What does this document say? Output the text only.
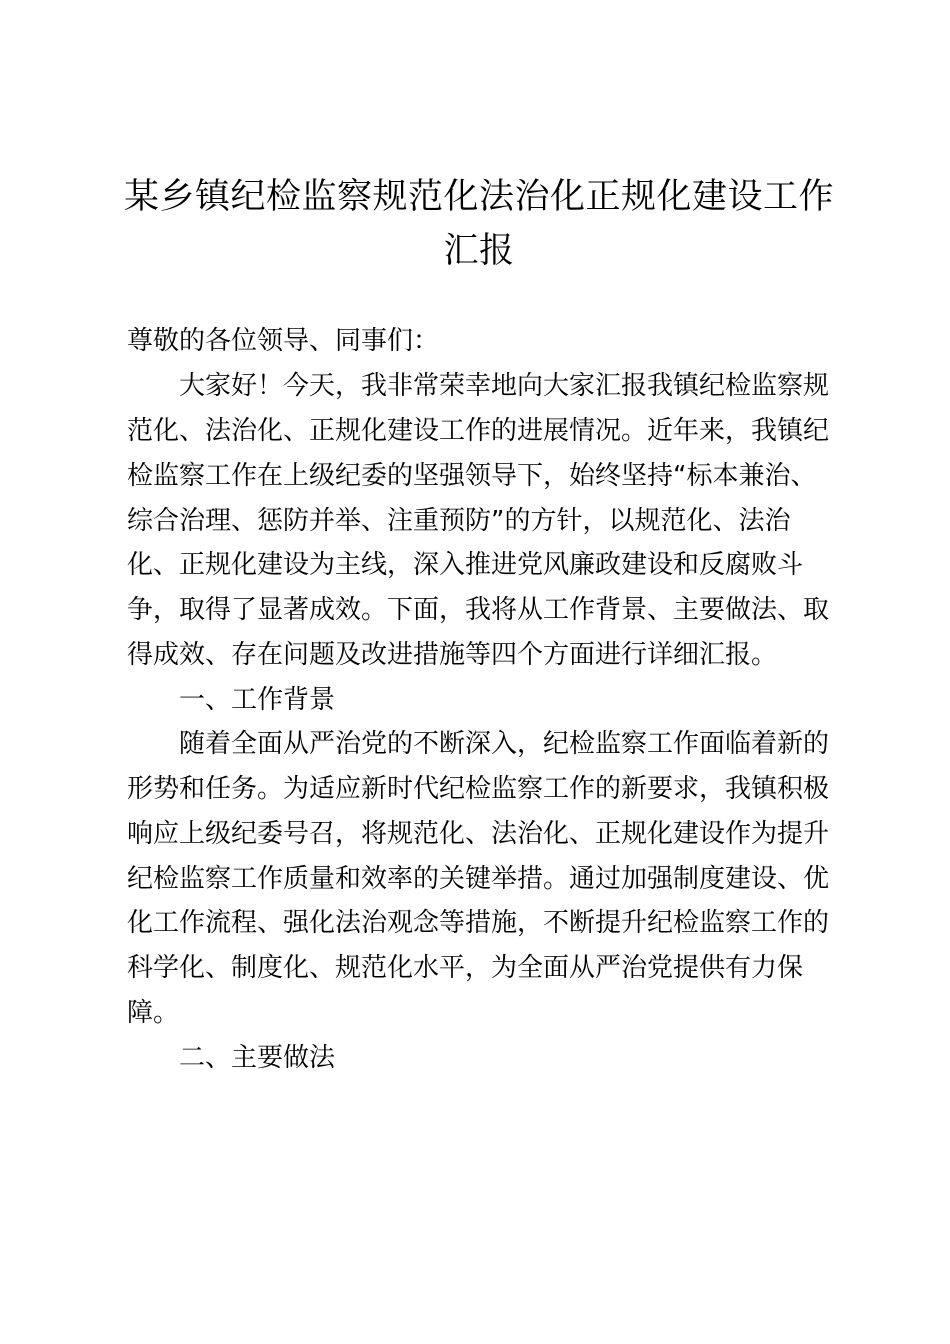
某乡镇纪检监察规范化法治化正规化建设工作
汇报

尊敬的各位领导、同事们：

大家好！今天，我非常荣幸地向大家汇报我镇纪检监察规

范化、法治化、正规化建设工作的进展情况。近年来，我镇纪

检监察工作在上级纪委的坚强领导下，始终坚持“标本兼治、

综合治理、惩防并举、注重预防”的方针，以规范化、法治

化、正规化建设为主线，深入推进党风廉政建设和反腐败斗

争，取得了显著成效。下面，我将从工作背景、主要做法、取

得成效、存在问题及改进措施等四个方面进行详细汇报。

一、工作背景

随着全面从严治党的不断深入，纪检监察工作面临着新的

形势和任务。为适应新时代纪检监察工作的新要求，我镇积极

响应上级纪委号召，将规范化、法治化、正规化建设作为提升

纪检监察工作质量和效率的关键举措。通过加强制度建设、优

化工作流程、强化法治观念等措施，不断提升纪检监察工作的

科学化、制度化、规范化水平，为全面从严治党提供有力保

障。

二、主要做法
